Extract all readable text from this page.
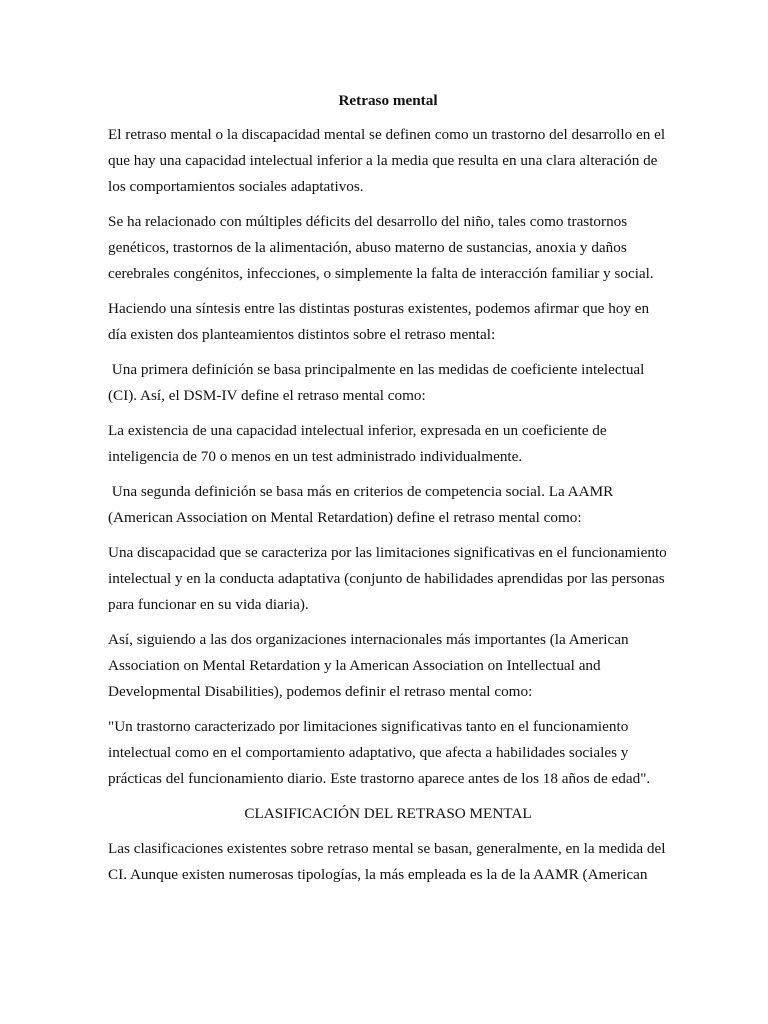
Retraso mental
El retraso mental o la discapacidad mental se definen como un trastorno del desarrollo en el
que hay una capacidad intelectual inferior a la media que resulta en una clara alteración de
los comportamientos sociales adaptativos.
Se ha relacionado con múltiples déficits del desarrollo del niño, tales como trastornos
genéticos, trastornos de la alimentación, abuso materno de sustancias, anoxia y daños
cerebrales congénitos, infecciones, o simplemente la falta de interacción familiar y social.
Haciendo una síntesis entre las distintas posturas existentes, podemos afirmar que hoy en
día existen dos planteamientos distintos sobre el retraso mental:
Una primera definición se basa principalmente en las medidas de coeficiente intelectual
(CI). Así, el DSM-IV define el retraso mental como:
La existencia de una capacidad intelectual inferior, expresada en un coeficiente de
inteligencia de 70 o menos en un test administrado individualmente.
Una segunda definición se basa más en criterios de competencia social. La AAMR
(American Association on Mental Retardation) define el retraso mental como:
Una discapacidad que se caracteriza por las limitaciones significativas en el funcionamiento
intelectual y en la conducta adaptativa (conjunto de habilidades aprendidas por las personas
para funcionar en su vida diaria).
Así, siguiendo a las dos organizaciones internacionales más importantes (la American
Association on Mental Retardation y la American Association on Intellectual and
Developmental Disabilities), podemos definir el retraso mental como:
"Un trastorno caracterizado por limitaciones significativas tanto en el funcionamiento
intelectual como en el comportamiento adaptativo, que afecta a habilidades sociales y
prácticas del funcionamiento diario. Este trastorno aparece antes de los 18 años de edad".
CLASIFICACIÓN DEL RETRASO MENTAL
Las clasificaciones existentes sobre retraso mental se basan, generalmente, en la medida del
CI. Aunque existen numerosas tipologías, la más empleada es la de la AAMR (American
